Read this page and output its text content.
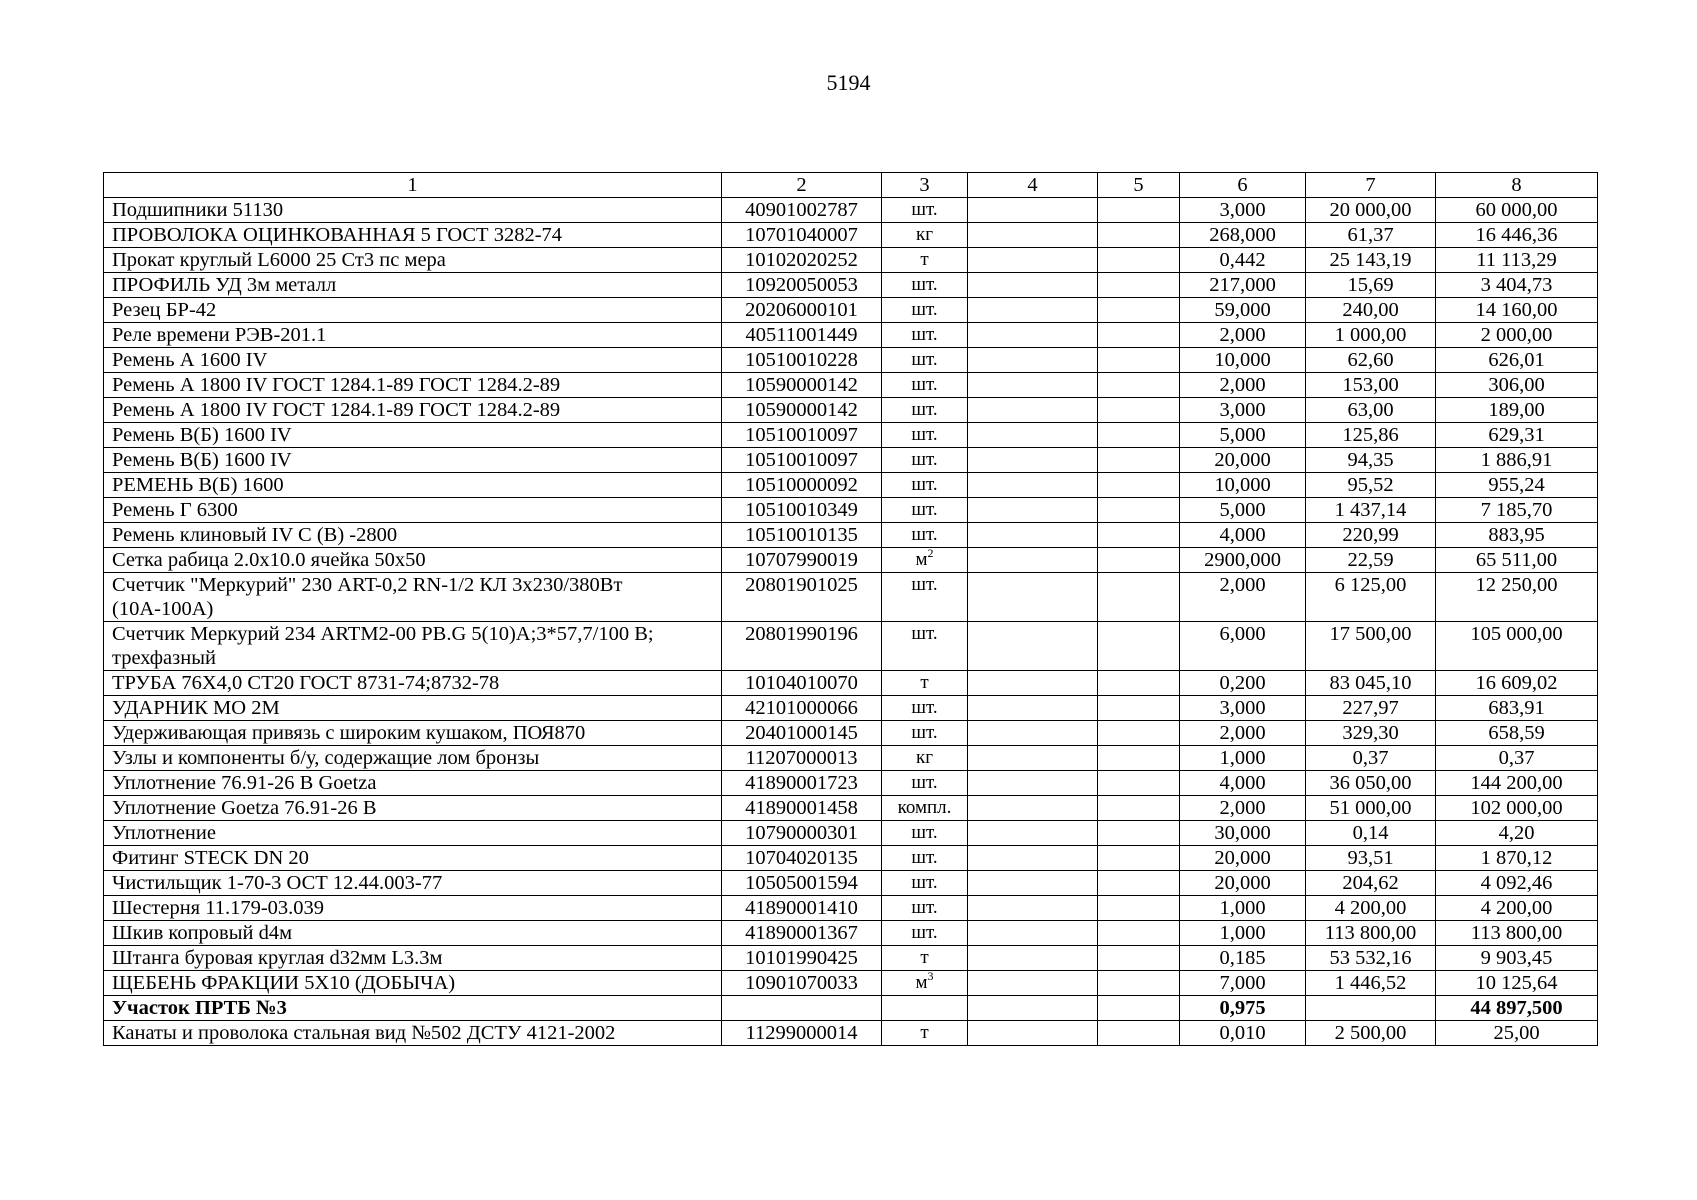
5194
1	2	3	4	5	6	7	8
Подшипники 51130	40901002787	шт.			3,000	20 000,00	60 000,00
ПРОВОЛОКА ОЦИНКОВАННАЯ 5 ГОСТ 3282-74	10701040007	кг			268,000	61,37	16 446,36
Прокат круглый L6000 25 Ст3 пс мера	10102020252	т			0,442	25 143,19	11 113,29
ПРОФИЛЬ УД 3м металл	10920050053	шт.			217,000	15,69	3 404,73
Резец БР-42	20206000101	шт.			59,000	240,00	14 160,00
Реле времени РЭВ-201.1	40511001449	шт.			2,000	1 000,00	2 000,00
Ремень А 1600 IV	10510010228	шт.			10,000	62,60	626,01
Ремень А 1800 IV ГОСТ 1284.1-89 ГОСТ 1284.2-89	10590000142	шт.			2,000	153,00	306,00
Ремень А 1800 IV ГОСТ 1284.1-89 ГОСТ 1284.2-89	10590000142	шт.			3,000	63,00	189,00
Ремень В(Б) 1600 IV	10510010097	шт.			5,000	125,86	629,31
Ремень В(Б) 1600 IV	10510010097	шт.			20,000	94,35	1 886,91
РЕМЕНЬ В(Б) 1600	10510000092	шт.			10,000	95,52	955,24
Ремень Г 6300	10510010349	шт.			5,000	1 437,14	7 185,70
Ремень клиновый IV С (В) -2800	10510010135	шт.			4,000	220,99	883,95
Сетка рабица 2.0х10.0 ячейка 50х50	10707990019	$м^2$			2900,000	22,59	65 511,00
Счетчик "Меркурий" 230 ART-0,2 RN-1/2 КЛ 3х230/380Вт (10А-100А)	20801901025	шт.			2,000	6 125,00	12 250,00
Счетчик Меркурий 234 ARTM2-00 PB.G 5(10)A;3*57,7/100 B; трехфазный	20801990196	шт.			6,000	17 500,00	105 000,00
ТРУБА 76Х4,0 СТ20 ГОСТ 8731-74;8732-78	10104010070	т			0,200	83 045,10	16 609,02
УДАРНИК МО 2М	42101000066	шт.			3,000	227,97	683,91
Удерживающая привязь с широким кушаком, ПОЯ870	20401000145	шт.			2,000	329,30	658,59
Узлы и компоненты б/у, содержащие лом бронзы	11207000013	кг			1,000	0,37	0,37
Уплотнение 76.91-26 B Goetza	41890001723	шт.			4,000	36 050,00	144 200,00
Уплотнение Goetza 76.91-26 B	41890001458	компл.			2,000	51 000,00	102 000,00
Уплотнение	10790000301	шт.			30,000	0,14	4,20
Фитинг STECK DN 20	10704020135	шт.			20,000	93,51	1 870,12
Чистильщик 1-70-3 ОСТ 12.44.003-77	10505001594	шт.			20,000	204,62	4 092,46
Шестерня 11.179-03.039	41890001410	шт.			1,000	4 200,00	4 200,00
Шкив копровый d4м	41890001367	шт.			1,000	113 800,00	113 800,00
Штанга буровая круглая d32мм L3.3м	10101990425	т			0,185	53 532,16	9 903,45
ЩЕБЕНЬ ФРАКЦИИ 5Х10 (ДОБЫЧА)	10901070033	$м^3$			7,000	1 446,52	10 125,64
Участок ПРТБ №3					0,975		44 897,500
Канаты и проволока стальная вид №502 ДСТУ 4121-2002	11299000014	т			0,010	2 500,00	25,00
